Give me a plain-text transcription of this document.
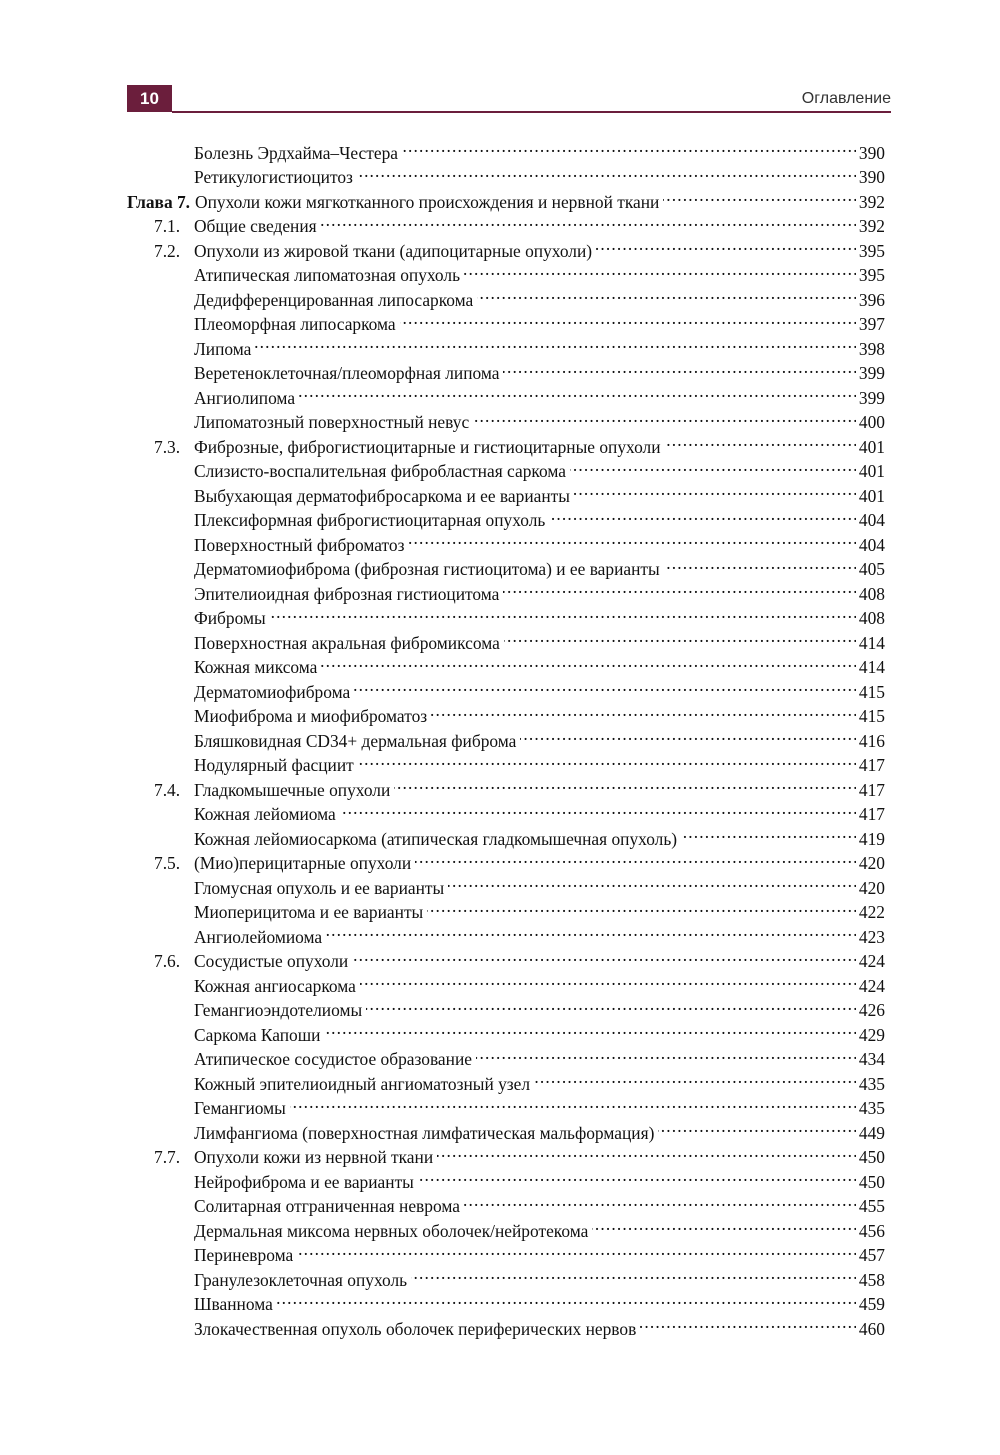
10	Оглавление
Болезнь Эрдхайма–Честера . . .	390
Ретикулогистиоцитоз . . .	390
Глава 7. Опухоли кожи мягкотканного происхождения и нервной ткани . . .	392
7.1. Общие сведения . . .	392
7.2. Опухоли из жировой ткани (адипоцитарные опухоли) . . .	395
Атипическая липоматозная опухоль . . .	395
Дедифференцированная липосаркома . . .	396
Плеоморфная липосаркома . . .	397
Липома . . .	398
Веретеноклеточная/плеоморфная липома . . .	399
Ангиолипома . . .	399
Липоматозный поверхностный невус . . .	400
7.3. Фиброзные, фиброгистиоцитарные и гистиоцитарные опухоли . . .	401
Слизисто-воспалительная фибробластная саркома . . .	401
Выбухающая дерматофибросаркома и ее варианты . . .	401
Плексиформная фиброгистиоцитарная опухоль . . .	404
Поверхностный фиброматоз . . .	404
Дерматомиофиброма (фиброзная гистиоцитома) и ее варианты . . .	405
Эпителиоидная фиброзная гистиоцитома . . .	408
Фибромы . . .	408
Поверхностная акральная фибромиксома . . .	414
Кожная миксома . . .	414
Дерматомиофиброма . . .	415
Миофиброма и миофиброматоз . . .	415
Бляшковидная CD34+ дермальная фиброма . . .	416
Нодулярный фасциит . . .	417
7.4. Гладкомышечные опухоли . . .	417
Кожная лейомиома . . .	417
Кожная лейомиосаркома (атипическая гладкомышечная опухоль) . . .	419
7.5. (Мио)перицитарные опухоли . . .	420
Гломусная опухоль и ее варианты . . .	420
Миоперицитома и ее варианты . . .	422
Ангиолейомиома . . .	423
7.6. Сосудистые опухоли . . .	424
Кожная ангиосаркома . . .	424
Гемангиоэндотелиомы . . .	426
Саркома Капоши . . .	429
Атипическое сосудистое образование . . .	434
Кожный эпителиоидный ангиоматозный узел . . .	435
Гемангиомы . . .	435
Лимфангиома (поверхностная лимфатическая мальформация) . . .	449
7.7. Опухоли кожи из нервной ткани . . .	450
Нейрофиброма и ее варианты . . .	450
Солитарная отграниченная неврома . . .	455
Дермальная миксома нервных оболочек/нейротекома . . .	456
Периневрома . . .	457
Гранулезоклеточная опухоль . . .	458
Шваннома . . .	459
Злокачественная опухоль оболочек периферических нервов . . .	460
